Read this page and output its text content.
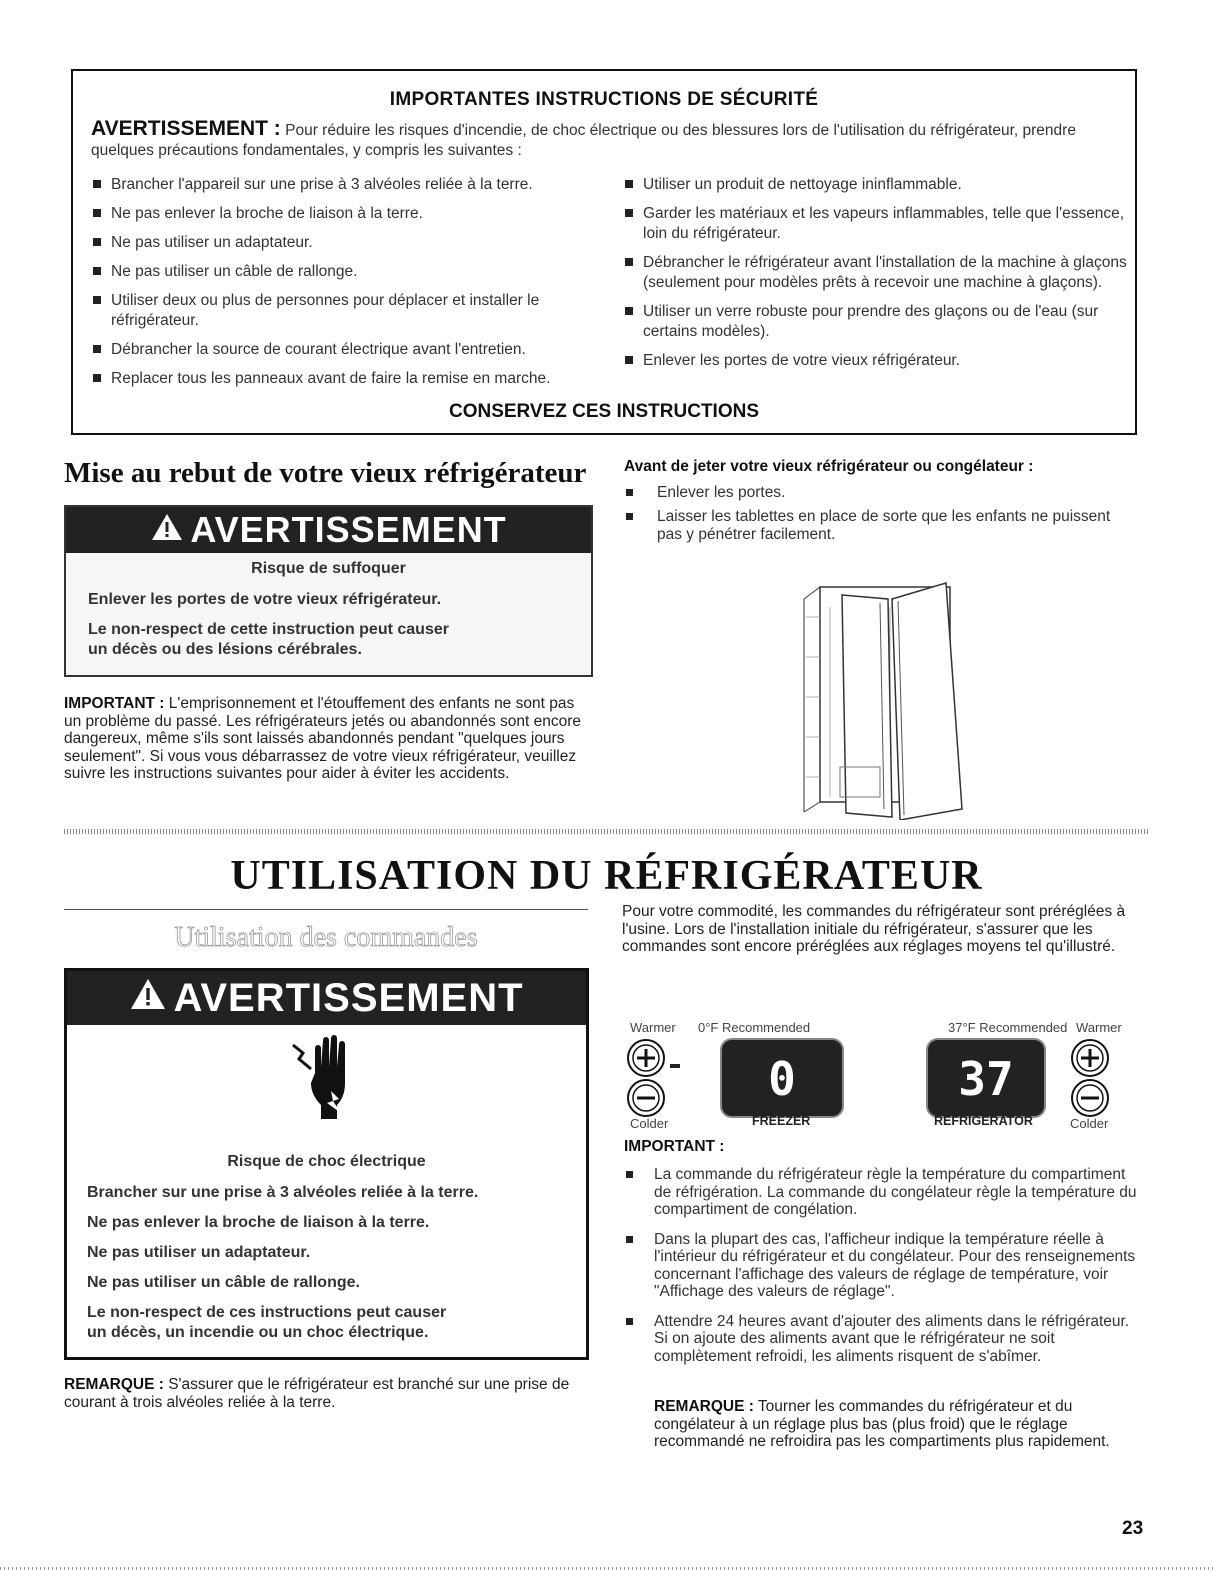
IMPORTANTES INSTRUCTIONS DE SÉCURITÉ
AVERTISSEMENT : Pour réduire les risques d'incendie, de choc électrique ou des blessures lors de l'utilisation du réfrigérateur, prendre quelques précautions fondamentales, y compris les suivantes :
Brancher l'appareil sur une prise à 3 alvéoles reliée à la terre.
Ne pas enlever la broche de liaison à la terre.
Ne pas utiliser un adaptateur.
Ne pas utiliser un câble de rallonge.
Utiliser deux ou plus de personnes pour déplacer et installer le réfrigérateur.
Débrancher la source de courant électrique avant l'entretien.
Replacer tous les panneaux avant de faire la remise en marche.
Utiliser un produit de nettoyage ininflammable.
Garder les matériaux et les vapeurs inflammables, telle que l'essence, loin du réfrigérateur.
Débrancher le réfrigérateur avant l'installation de la machine à glaçons (seulement pour modèles prêts à recevoir une machine à glaçons).
Utiliser un verre robuste pour prendre des glaçons ou de l'eau (sur certains modèles).
Enlever les portes de votre vieux réfrigérateur.
CONSERVEZ CES INSTRUCTIONS
Mise au rebut de votre vieux réfrigérateur
AVERTISSEMENT
Risque de suffoquer
Enlever les portes de votre vieux réfrigérateur.
Le non-respect de cette instruction peut causer
un décès ou des lésions cérébrales.
IMPORTANT : L'emprisonnement et l'étouffement des enfants ne sont pas un problème du passé. Les réfrigérateurs jetés ou abandonnés sont encore dangereux, même s'ils sont laissés abandonnés pendant "quelques jours seulement". Si vous vous débarrassez de votre vieux réfrigérateur, veuillez suivre les instructions suivantes pour aider à éviter les accidents.
Avant de jeter votre vieux réfrigérateur ou congélateur :
Enlever les portes.
Laisser les tablettes en place de sorte que les enfants ne puissent pas y pénétrer facilement.
UTILISATION DU RÉFRIGÉRATEUR
Utilisation des commandes
AVERTISSEMENT
Risque de choc électrique
Brancher sur une prise à 3 alvéoles reliée à la terre.
Ne pas enlever la broche de liaison à la terre.
Ne pas utiliser un adaptateur.
Ne pas utiliser un câble de rallonge.
Le non-respect de ces instructions peut causer
un décès, un incendie ou un choc électrique.
REMARQUE : S'assurer que le réfrigérateur est branché sur une prise de courant à trois alvéoles reliée à la terre.
Pour votre commodité, les commandes du réfrigérateur sont préréglées à l'usine. Lors de l'installation initiale du réfrigérateur, s'assurer que les commandes sont encore préréglées aux réglages moyens tel qu'illustré.
Warmer 0°F Recommended	37°F Recommended Warmer
0	37
Colder	FREEZER	REFRIGERATOR	Colder
IMPORTANT :
La commande du réfrigérateur règle la température du compartiment de réfrigération. La commande du congélateur règle la température du compartiment de congélation.
Dans la plupart des cas, l'afficheur indique la température réelle à l'intérieur du réfrigérateur et du congélateur. Pour des renseignements concernant l'affichage des valeurs de réglage de température, voir "Affichage des valeurs de réglage".
Attendre 24 heures avant d'ajouter des aliments dans le réfrigérateur. Si on ajoute des aliments avant que le réfrigérateur ne soit complètement refroidi, les aliments risquent de s'abîmer.
REMARQUE : Tourner les commandes du réfrigérateur et du congélateur à un réglage plus bas (plus froid) que le réglage recommandé ne refroidira pas les compartiments plus rapidement.
23
